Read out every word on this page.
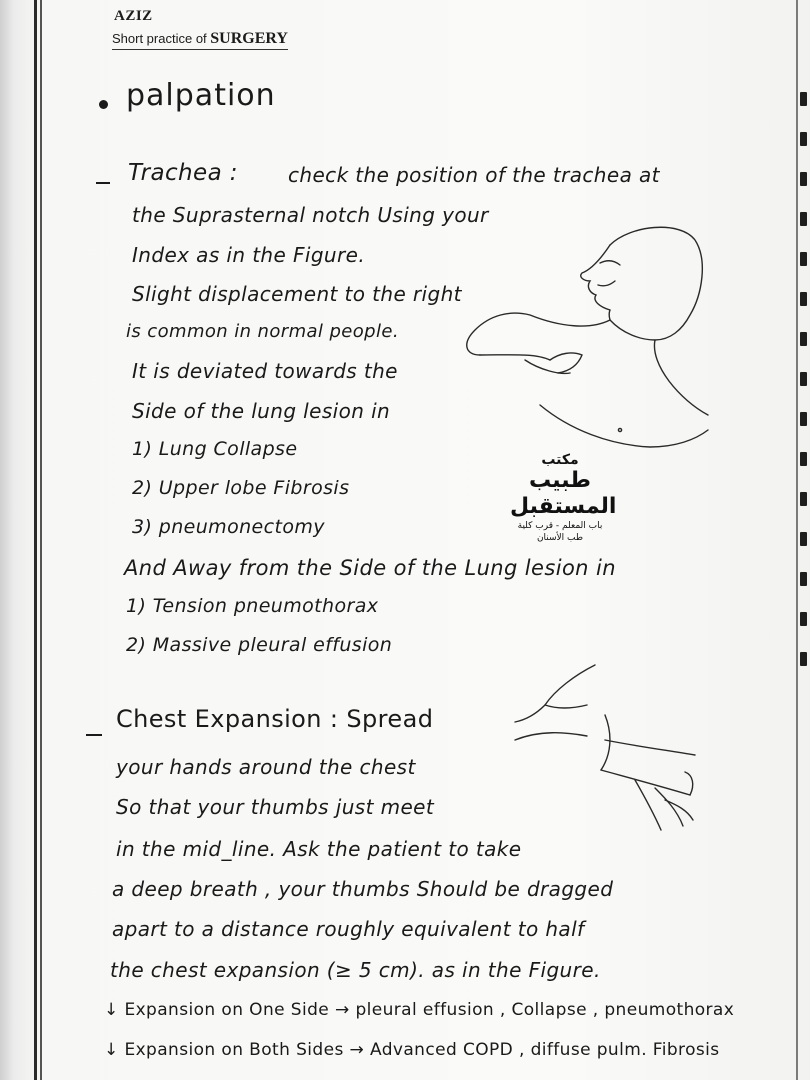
AZIZ
Short practice of SURGERY
palpation
Trachea :	check the position of the trachea at
the Suprasternal notch Using your
Index as in the Figure.
Slight displacement to the right
is common in normal people.
It is deviated towards the
Side of the lung lesion in
1) Lung Collapse
2) Upper lobe Fibrosis
3) pneumonectomy
And Away from the Side of the Lung lesion in
1) Tension pneumothorax
2) Massive pleural effusion
مكتب
طبيب المستقبل
باب المعلم - قرب كلية طب الأسنان
Chest Expansion : Spread
your hands around the chest
So that your thumbs just meet
in the mid_line. Ask the patient to take
a deep breath , your thumbs Should be dragged
apart to a distance roughly equivalent to half
the chest expansion (≥ 5 cm). as in the Figure.
↓ Expansion on One Side → pleural effusion , Collapse , pneumothorax
↓ Expansion on Both Sides → Advanced COPD , diffuse pulm. Fibrosis
